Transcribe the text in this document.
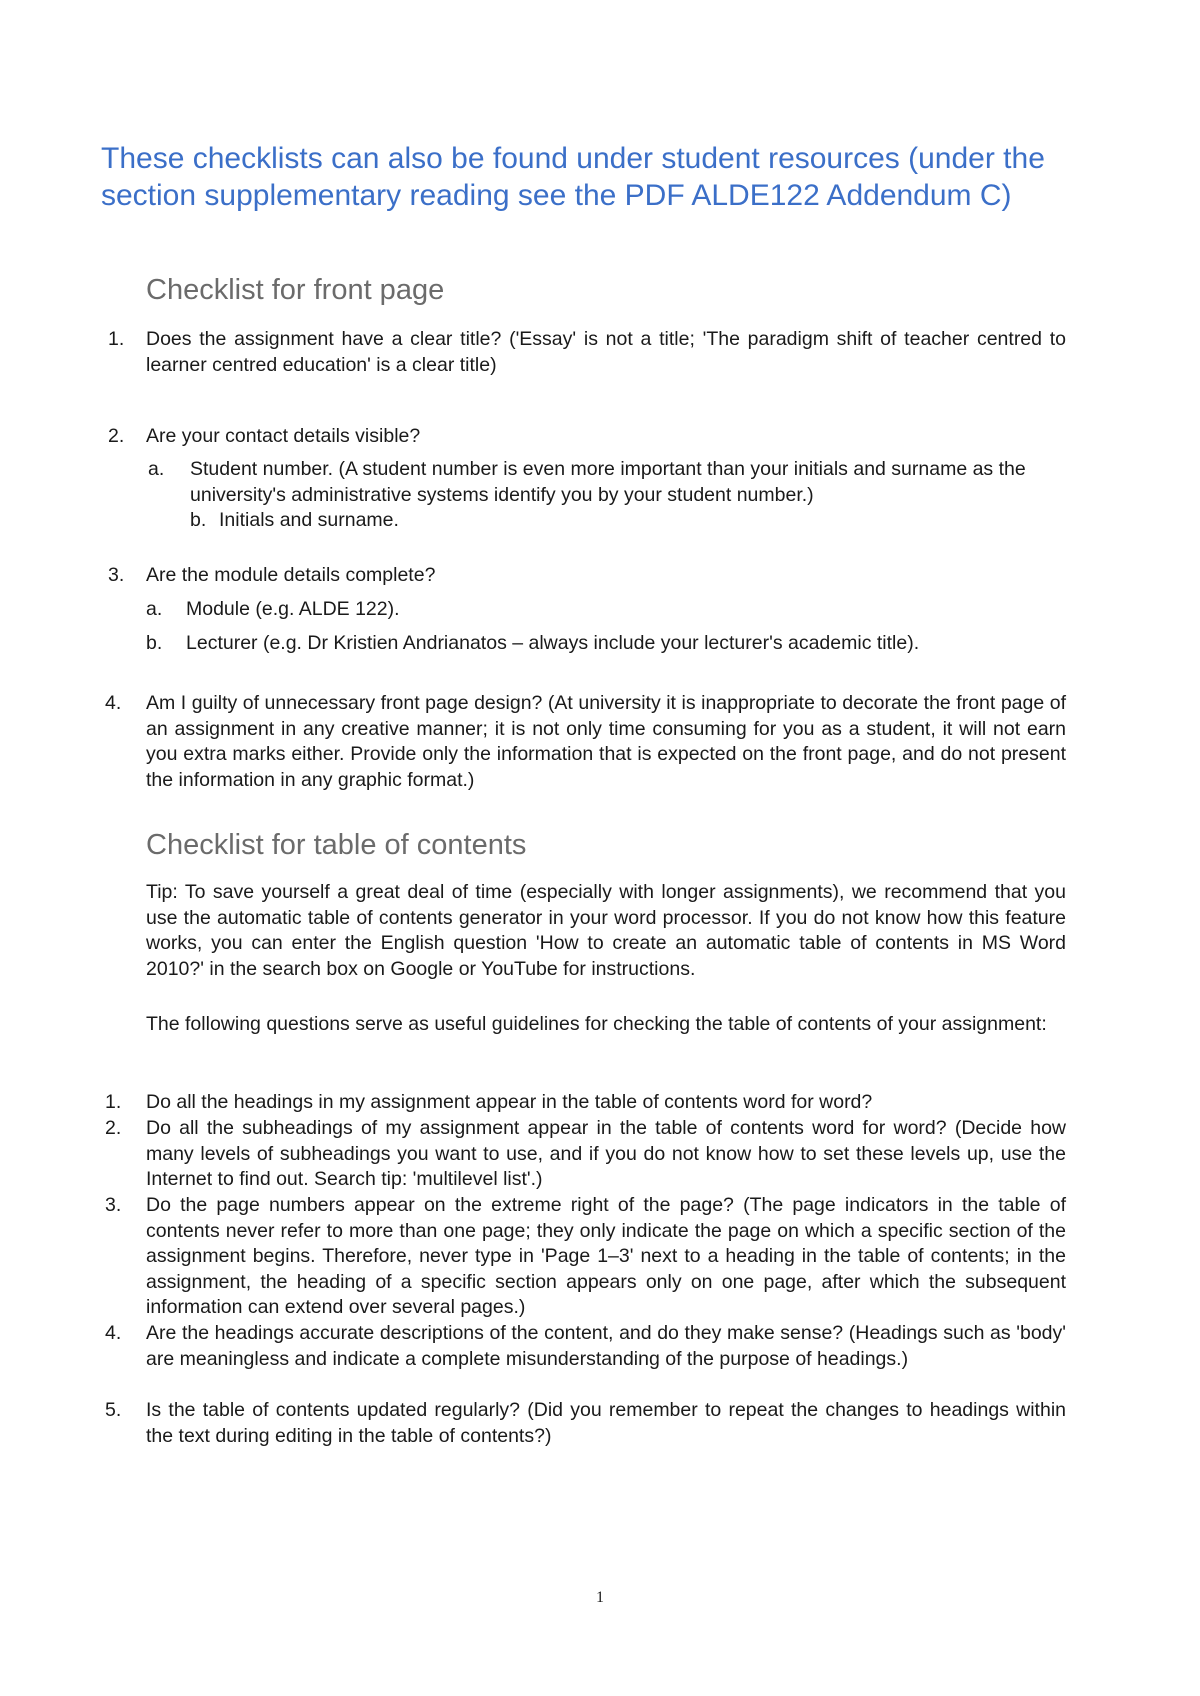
These checklists can also be found under student resources (under the section supplementary reading see the PDF ALDE122 Addendum C)
Checklist for front page
1. Does the assignment have a clear title? ('Essay' is not a title; 'The paradigm shift of teacher centred to learner centred education' is a clear title)
2. Are your contact details visible?
a. Student number. (A student number is even more important than your initials and surname as the university's administrative systems identify you by your student number.)
b. Initials and surname.
3. Are the module details complete?
a. Module (e.g. ALDE 122).
b. Lecturer (e.g. Dr Kristien Andrianatos – always include your lecturer's academic title).
4. Am I guilty of unnecessary front page design? (At university it is inappropriate to decorate the front page of an assignment in any creative manner; it is not only time consuming for you as a student, it will not earn you extra marks either. Provide only the information that is expected on the front page, and do not present the information in any graphic format.)
Checklist for table of contents
Tip: To save yourself a great deal of time (especially with longer assignments), we recommend that you use the automatic table of contents generator in your word processor. If you do not know how this feature works, you can enter the English question 'How to create an automatic table of contents in MS Word 2010?' in the search box on Google or YouTube for instructions.
The following questions serve as useful guidelines for checking the table of contents of your assignment:
1. Do all the headings in my assignment appear in the table of contents word for word?
2. Do all the subheadings of my assignment appear in the table of contents word for word? (Decide how many levels of subheadings you want to use, and if you do not know how to set these levels up, use the Internet to find out. Search tip: 'multilevel list'.)
3. Do the page numbers appear on the extreme right of the page? (The page indicators in the table of contents never refer to more than one page; they only indicate the page on which a specific section of the assignment begins. Therefore, never type in 'Page 1–3' next to a heading in the table of contents; in the assignment, the heading of a specific section appears only on one page, after which the subsequent information can extend over several pages.)
4. Are the headings accurate descriptions of the content, and do they make sense? (Headings such as 'body' are meaningless and indicate a complete misunderstanding of the purpose of headings.)
5. Is the table of contents updated regularly? (Did you remember to repeat the changes to headings within the text during editing in the table of contents?)
1
